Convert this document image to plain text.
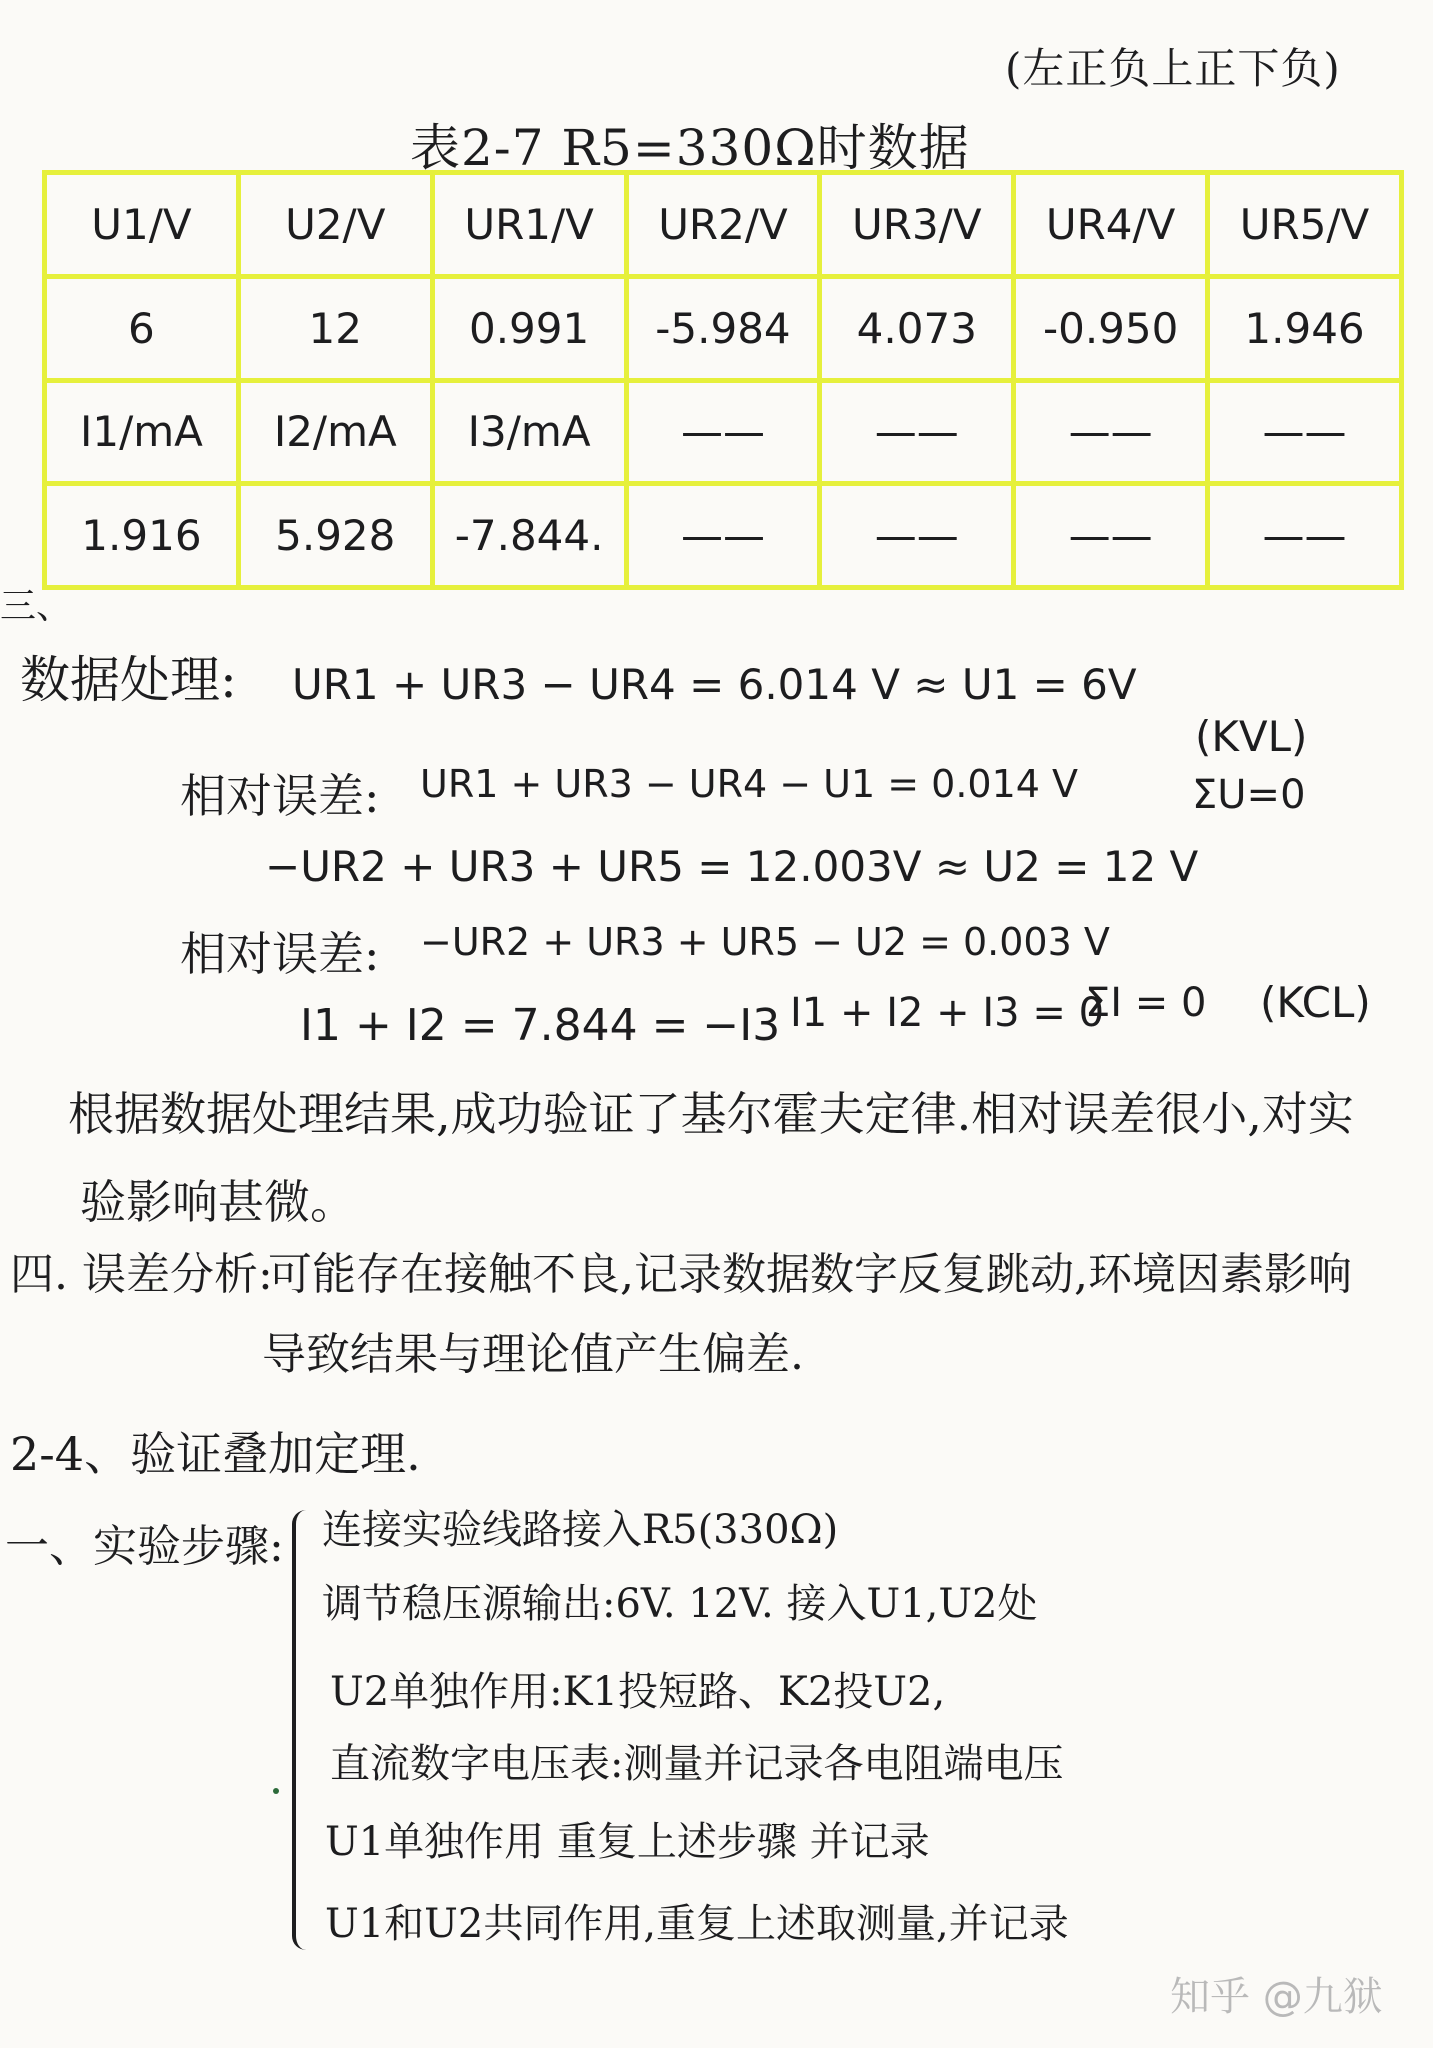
(左正负上正下负)
表2-7 R5=330Ω时数据
U1/V	U2/V	UR1/V	UR2/V	UR3/V	UR4/V	UR5/V
6	12	0.991	-5.984	4.073	-0.950	1.946
I1/mA	I2/mA	I3/mA	——	——	——	——
1.916	5.928	-7.844.	——	——	——	——
三、
数据处理: UR1 + UR3 − UR4 = 6.014 V ≈ U1 = 6V
(KVL)
ΣU=0
相对误差: UR1 + UR3 − UR4 − U1 = 0.014 V
−UR2 + UR3 + UR5 = 12.003V ≈ U2 = 12 V
相对误差: −UR2 + UR3 + UR5 − U2 = 0.003 V
I1 + I2 = 7.844 = −I3 I1 + I2 + I3 = 0
ΣI = 0 (KCL)
根据数据处理结果,成功验证了基尔霍夫定律.相对误差很小,对实
验影响甚微。
四. 误差分析:
可能存在接触不良,记录数据数字反复跳动,环境因素影响
导致结果与理论值产生偏差.
2-4、验证叠加定理.
一、实验步骤: 连接实验线路接入R5(330Ω)
调节稳压源输出:6V. 12V. 接入U1,U2处
U2单独作用:K1投短路、K2投U2,
直流数字电压表:测量并记录各电阻端电压
U1单独作用 重复上述步骤 并记录
U1和U2共同作用,重复上述取测量,并记录
知乎 @九狱
